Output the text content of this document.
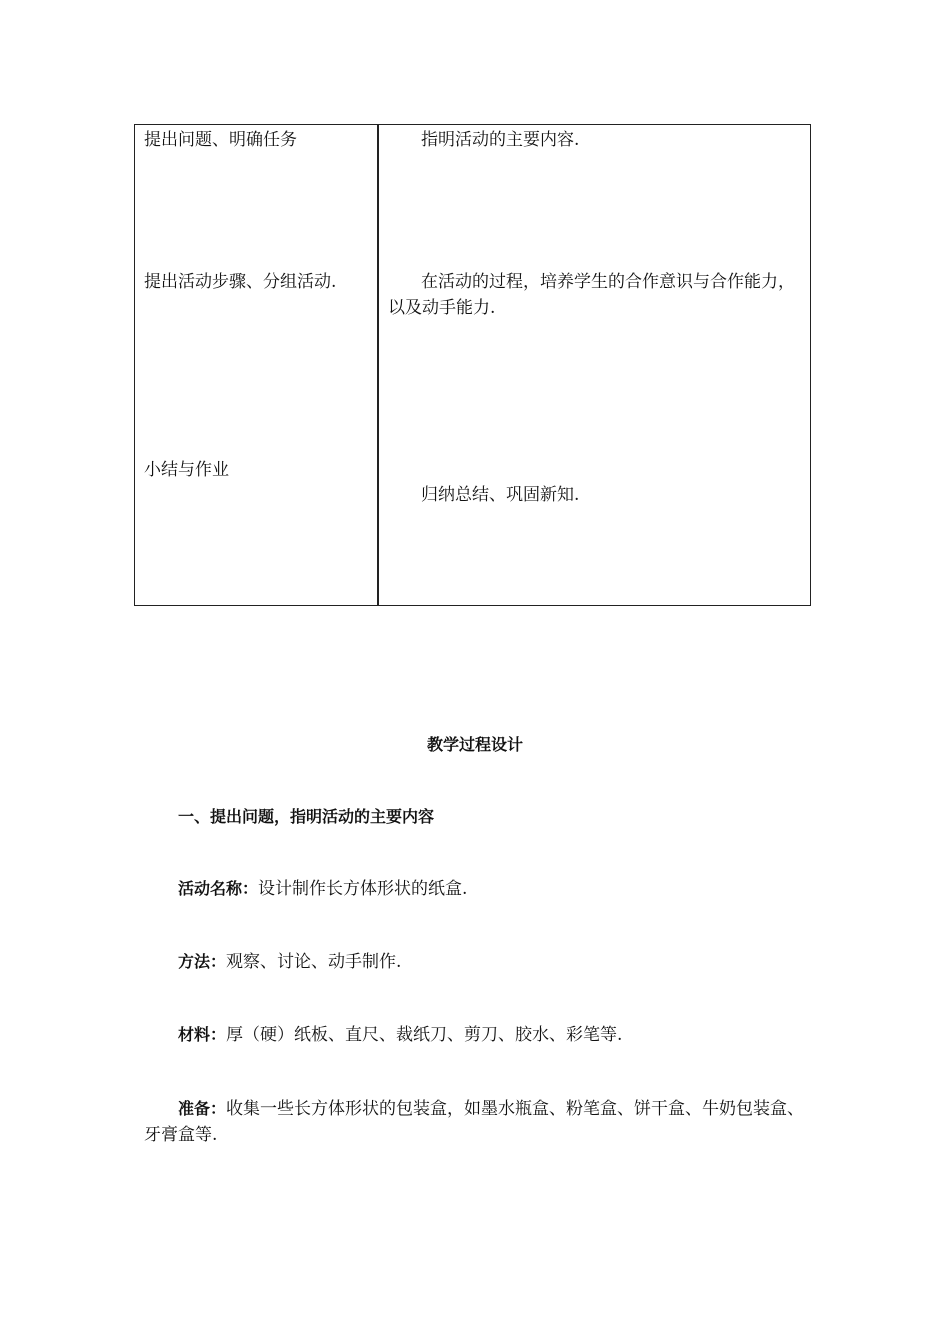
提出问题、明确任务	指明活动的主要内容.
提出活动步骤、分组活动.	在活动的过程，培养学生的合作意识与合作能力，以及动手能力.
小结与作业
归纳总结、巩固新知.
教学过程设计
一、提出问题，指明活动的主要内容
活动名称：设计制作长方体形状的纸盒.
方法：观察、讨论、动手制作.
材料：厚（硬）纸板、直尺、裁纸刀、剪刀、胶水、彩笔等.
准备：收集一些长方体形状的包装盒，如墨水瓶盒、粉笔盒、饼干盒、牛奶包装盒、牙膏盒等.
